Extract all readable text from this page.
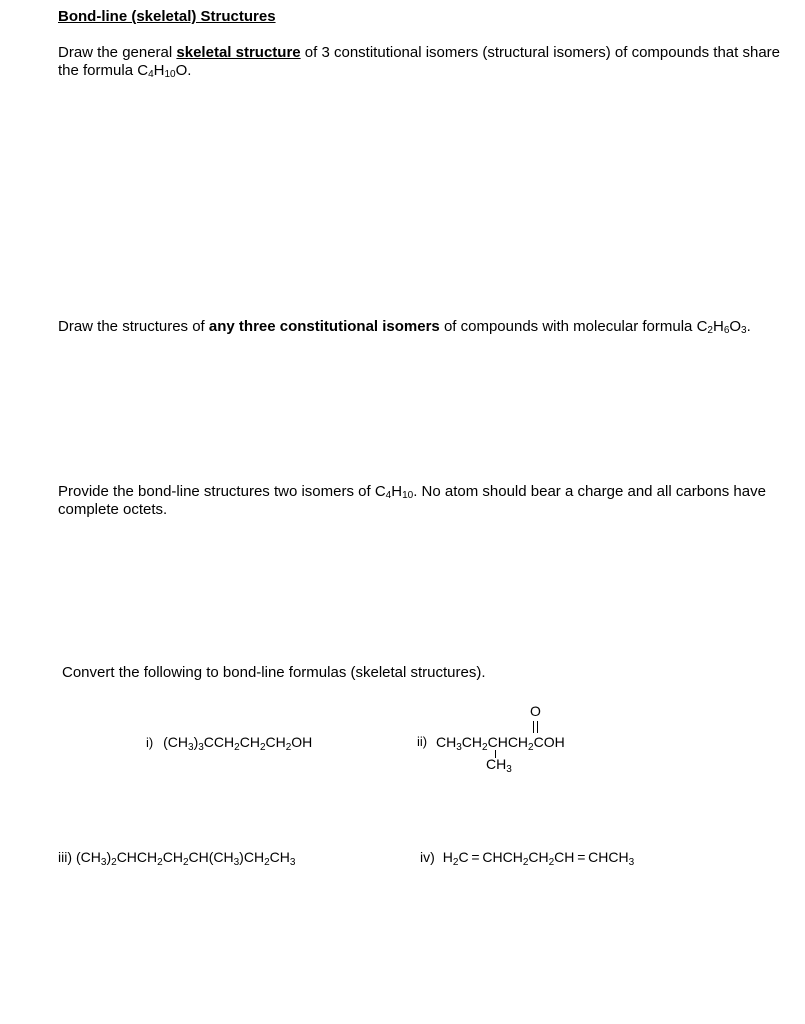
Bond-line (skeletal) Structures
Draw the general skeletal structure of 3 constitutional isomers (structural isomers) of compounds that share the formula $C_4H_{10}O$.
Draw the structures of any three constitutional isomers of compounds with molecular formula $C_2H_6O_3$.
Provide the bond-line structures two isomers of $C_4H_{10}$. No atom should bear a charge and all carbons have complete octets.
Convert the following to bond-line formulas (skeletal structures).
i) $(CH_3)_3CCH_2CH_2CH_2OH$	ii) $CH_3CH_2CHCH_2COH$
O
$CH_3$
iii) $(CH_3)_2CHCH_2CH_2CH(CH_3)CH_2CH_3$	iv) $H_2C$ = $CHCH_2CH_2CH$ = $CHCH_3$
